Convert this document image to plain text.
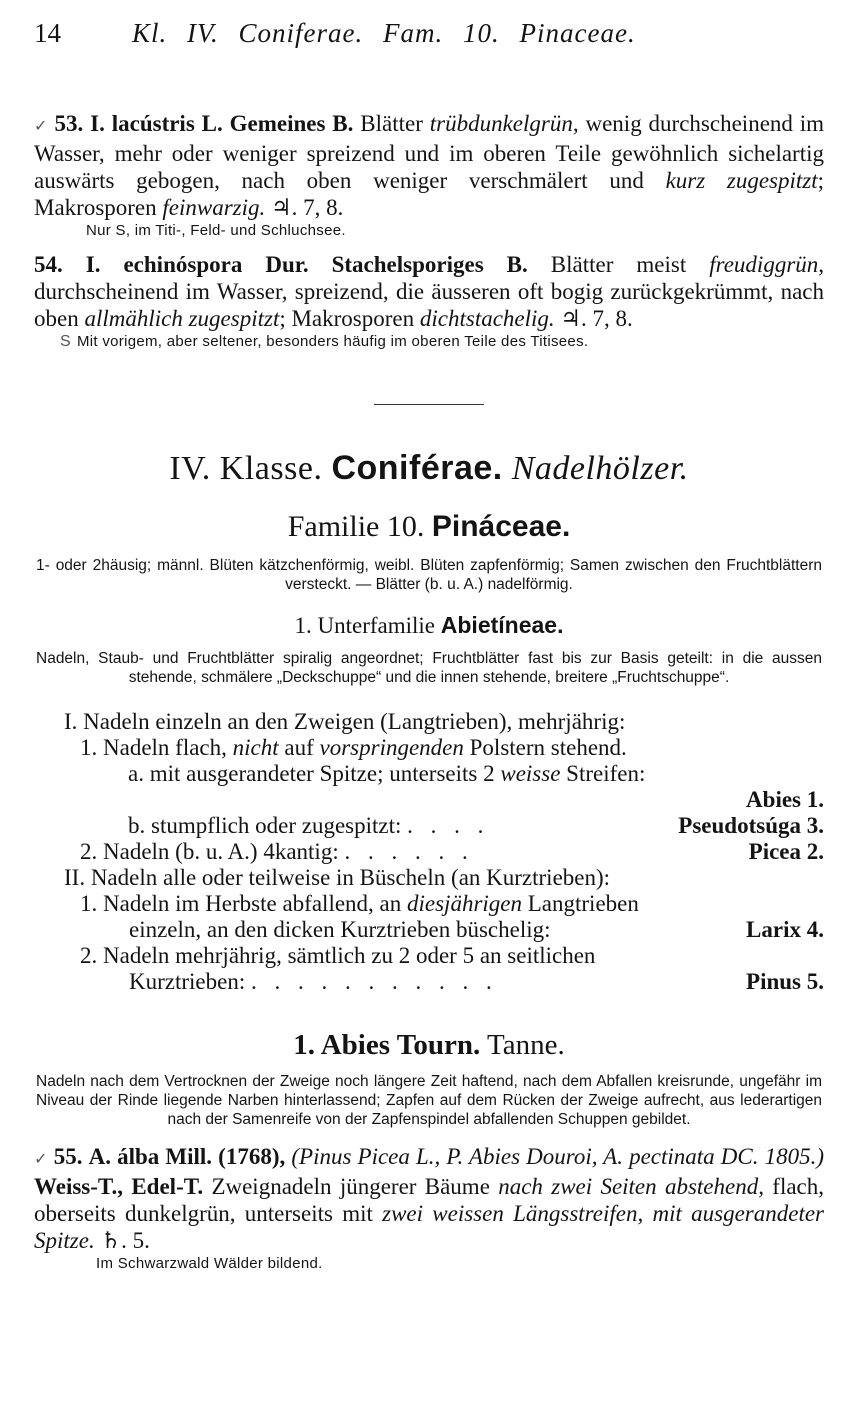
14	Kl. IV. Coniferae. Fam. 10. Pinaceae.

✓ 53. I. lacústris L. Gemeines B. Blätter trübdunkelgrün, wenig durchscheinend im Wasser, mehr oder weniger spreizend und im oberen Teile gewöhnlich sichelartig auswärts gebogen, nach oben weniger verschmälert und kurz zugespitzt; Makrosporen feinwarzig. ♃. 7, 8.

Nur S, im Titi-, Feld- und Schluchsee.

54. I. echinóspora Dur. Stachelsporiges B. Blätter meist freudiggrün, durchscheinend im Wasser, spreizend, die äusseren oft bogig zurückgekrümmt, nach oben allmählich zugespitzt; Makrosporen dichtstachelig. ♃. 7, 8.

S Mit vorigem, aber seltener, besonders häufig im oberen Teile des Titisees.

IV. Klasse. Coniférae. Nadelhölzer.
Familie 10. Pináceae.
1- oder 2häusig; männl. Blüten kätzchenförmig, weibl. Blüten zapfenförmig; Samen zwischen den Fruchtblättern versteckt. — Blätter (b. u. A.) nadelförmig.
1. Unterfamilie Abietíneae.
Nadeln, Staub- und Fruchtblätter spiralig angeordnet; Fruchtblätter fast bis zur Basis geteilt: in die aussen stehende, schmälere „Deckschuppe“ und die innen stehende, breitere „Fruchtschuppe“.
I. Nadeln einzeln an den Zweigen (Langtrieben), mehrjährig:
1. Nadeln flach, nicht auf vorspringenden Polstern stehend.
a. mit ausgerandeter Spitze; unterseits 2 weisse Streifen:
Abies 1.
b. stumpflich oder zugespitzt: . . . .	Pseudotsúga 3.
2. Nadeln (b. u. A.) 4kantig: . . . . . .	Picea 2.
II. Nadeln alle oder teilweise in Büscheln (an Kurztrieben):
1. Nadeln im Herbste abfallend, an diesjährigen Langtrieben
einzeln, an den dicken Kurztrieben büschelig:	Larix 4.
2. Nadeln mehrjährig, sämtlich zu 2 oder 5 an seitlichen
Kurztrieben: . . . . . . . . . . .	Pinus 5.
1. Abies Tourn. Tanne.
Nadeln nach dem Vertrocknen der Zweige noch längere Zeit haftend, nach dem Abfallen kreisrunde, ungefähr im Niveau der Rinde liegende Narben hinterlassend; Zapfen auf dem Rücken der Zweige aufrecht, aus lederartigen nach der Samenreife von der Zapfenspindel abfallenden Schuppen gebildet.

✓ 55. A. álba Mill. (1768), (Pinus Picea L., P. Abies Douroi, A. pectinata DC. 1805.) Weiss-T., Edel-T. Zweignadeln jüngerer Bäume nach zwei Seiten abstehend, flach, oberseits dunkelgrün, unterseits mit zwei weissen Längsstreifen, mit ausgerandeter Spitze. ♄. 5.

Im Schwarzwald Wälder bildend.
